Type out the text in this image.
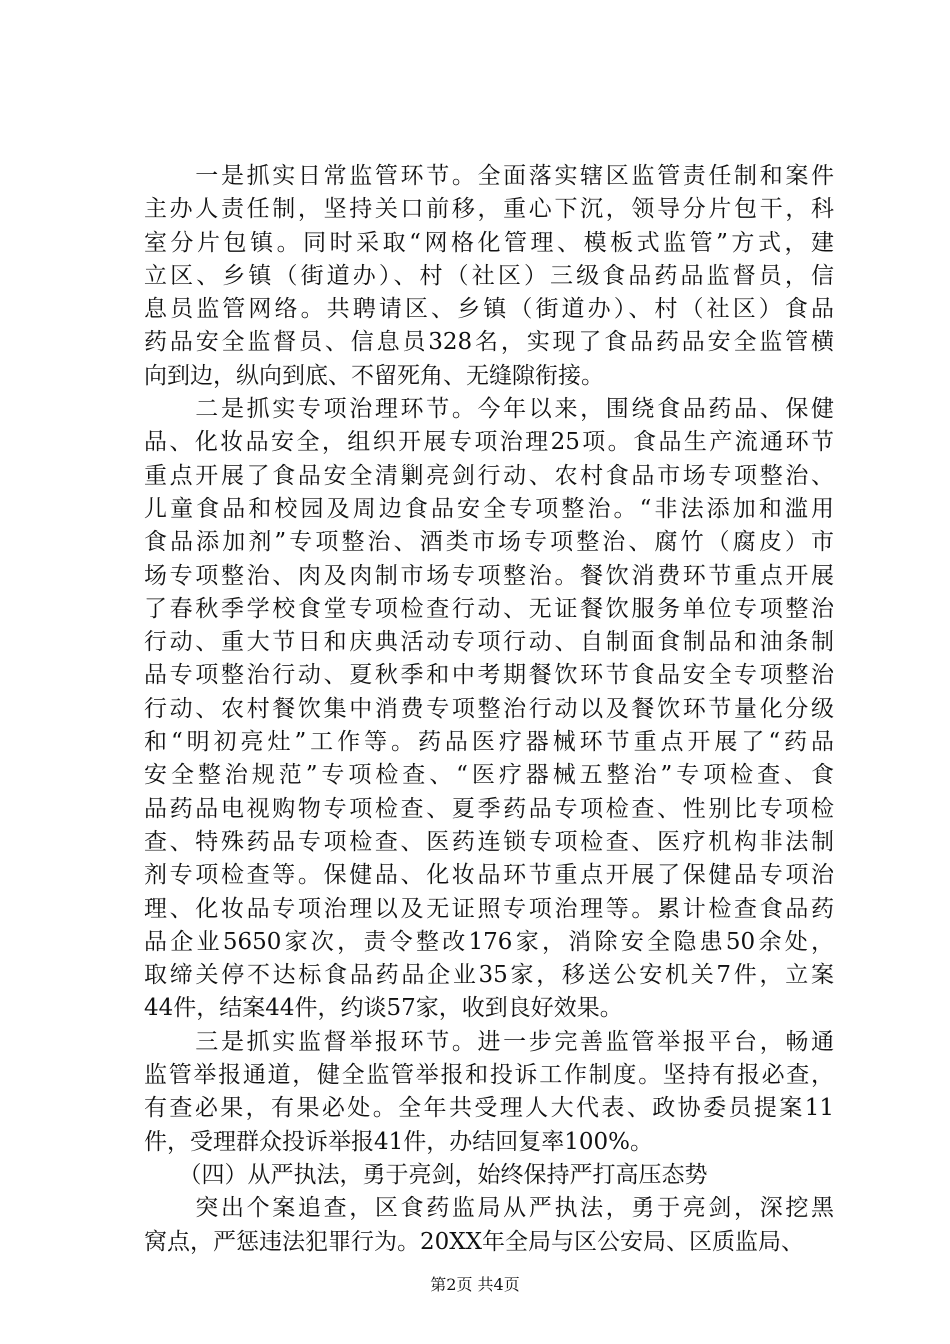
　　一是抓实日常监管环节。全面落实辖区监管责任制和案件
主办人责任制，坚持关口前移，重心下沉，领导分片包干，科
室分片包镇。同时采取“网格化管理、模板式监管”方式，建
立区、乡镇（街道办）、村（社区）三级食品药品监督员，信
息员监管网络。共聘请区、乡镇（街道办）、村（社区）食品
药品安全监督员、信息员328名，实现了食品药品安全监管横
向到边，纵向到底、不留死角、无缝隙衔接。
　　二是抓实专项治理环节。今年以来，围绕食品药品、保健
品、化妆品安全，组织开展专项治理25项。食品生产流通环节
重点开展了食品安全清剿亮剑行动、农村食品市场专项整治、
儿童食品和校园及周边食品安全专项整治。“非法添加和滥用
食品添加剂”专项整治、酒类市场专项整治、腐竹（腐皮）市
场专项整治、肉及肉制市场专项整治。餐饮消费环节重点开展
了春秋季学校食堂专项检查行动、无证餐饮服务单位专项整治
行动、重大节日和庆典活动专项行动、自制面食制品和油条制
品专项整治行动、夏秋季和中考期餐饮环节食品安全专项整治
行动、农村餐饮集中消费专项整治行动以及餐饮环节量化分级
和“明初亮灶”工作等。药品医疗器械环节重点开展了“药品
安全整治规范”专项检查、“医疗器械五整治”专项检查、食
品药品电视购物专项检查、夏季药品专项检查、性别比专项检
查、特殊药品专项检查、医药连锁专项检查、医疗机构非法制
剂专项检查等。保健品、化妆品环节重点开展了保健品专项治
理、化妆品专项治理以及无证照专项治理等。累计检查食品药
品企业5650家次，责令整改176家，消除安全隐患50余处，
取缔关停不达标食品药品企业35家，移送公安机关7件，立案
44件，结案44件，约谈57家，收到良好效果。
　　三是抓实监督举报环节。进一步完善监管举报平台，畅通
监管举报通道，健全监管举报和投诉工作制度。坚持有报必查，
有查必果，有果必处。全年共受理人大代表、政协委员提案11
件，受理群众投诉举报41件，办结回复率100%。
　　（四）从严执法，勇于亮剑，始终保持严打高压态势
　　突出个案追查，区食药监局从严执法，勇于亮剑，深挖黑
窝点，严惩违法犯罪行为。20XX年全局与区公安局、区质监局、
第2页 共4页
